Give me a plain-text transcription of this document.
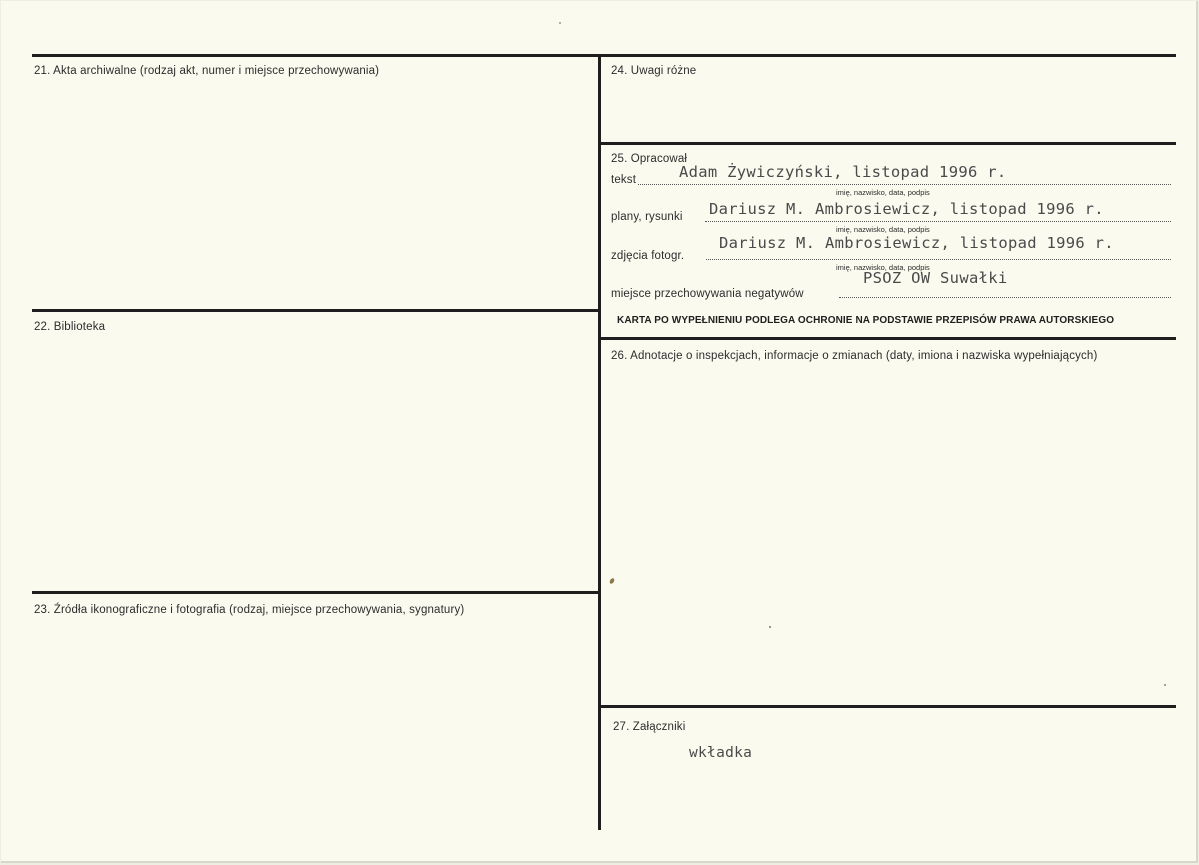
21. Akta archiwalne (rodzaj akt, numer i miejsce przechowywania)
22. Biblioteka
23. Źródła ikonograficzne i fotografia (rodzaj, miejsce przechowywania, sygnatury)
24. Uwagi różne
25. Opracował
tekst	Adam Żywiczyński, listopad 1996 r.
imię, nazwisko, data, podpis
plany, rysunki Dariusz M. Ambrosiewicz, listopad 1996 r.
imię, nazwisko, data, podpis
zdjęcia fotogr.
Dariusz M. Ambrosiewicz, listopad 1996 r.
imię, nazwisko, data, podpis
miejsce przechowywania negatywów
PSOZ OW Suwałki
KARTA PO WYPEŁNIENIU PODLEGA OCHRONIE NA PODSTAWIE PRZEPISÓW PRAWA AUTORSKIEGO
26. Adnotacje o inspekcjach, informacje o zmianach (daty, imiona i nazwiska wypełniających)
27. Załączniki
wkładka
